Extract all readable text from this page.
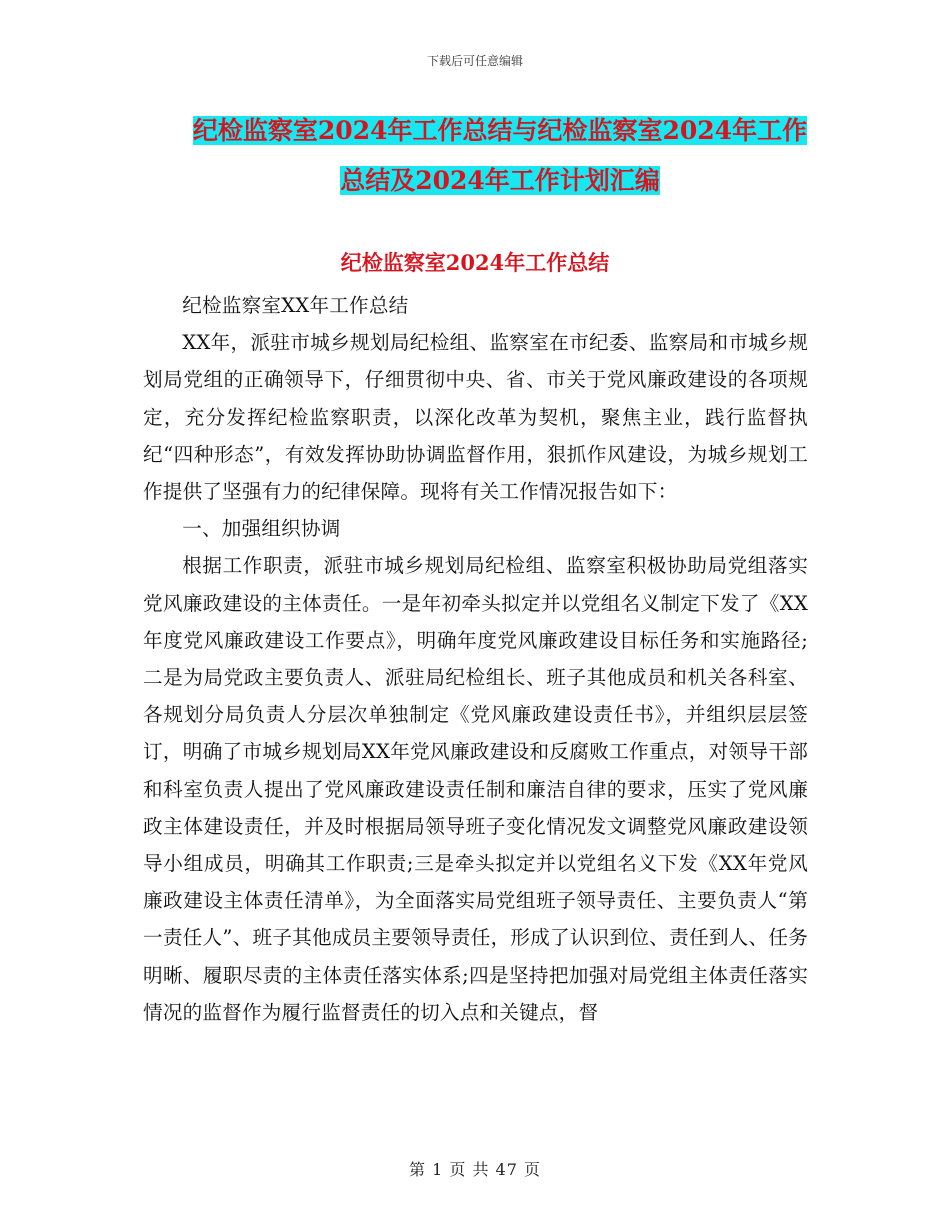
下载后可任意编辑
纪检监察室2024年工作总结与纪检监察室2024年工作总结及2024年工作计划汇编
纪检监察室2024年工作总结

纪检监察室XX年工作总结

XX年，派驻市城乡规划局纪检组、监察室在市纪委、监察局和市城乡规划局党组的正确领导下，仔细贯彻中央、省、市关于党风廉政建设的各项规定，充分发挥纪检监察职责，以深化改革为契机，聚焦主业，践行监督执纪“四种形态”，有效发挥协助协调监督作用，狠抓作风建设，为城乡规划工作提供了坚强有力的纪律保障。现将有关工作情况报告如下：

一、加强组织协调

根据工作职责，派驻市城乡规划局纪检组、监察室积极协助局党组落实党风廉政建设的主体责任。一是年初牵头拟定并以党组名义制定下发了《XX年度党风廉政建设工作要点》，明确年度党风廉政建设目标任务和实施路径;二是为局党政主要负责人、派驻局纪检组长、班子其他成员和机关各科室、各规划分局负责人分层次单独制定《党风廉政建设责任书》，并组织层层签订，明确了市城乡规划局XX年党风廉政建设和反腐败工作重点，对领导干部和科室负责人提出了党风廉政建设责任制和廉洁自律的要求，压实了党风廉政主体建设责任，并及时根据局领导班子变化情况发文调整党风廉政建设领导小组成员，明确其工作职责;三是牵头拟定并以党组名义下发《XX年党风廉政建设主体责任清单》，为全面落实局党组班子领导责任、主要负责人“第一责任人”、班子其他成员主要领导责任，形成了认识到位、责任到人、任务明晰、履职尽责的主体责任落实体系;四是坚持把加强对局党组主体责任落实情况的监督作为履行监督责任的切入点和关键点，督

第 1 页 共 47 页
